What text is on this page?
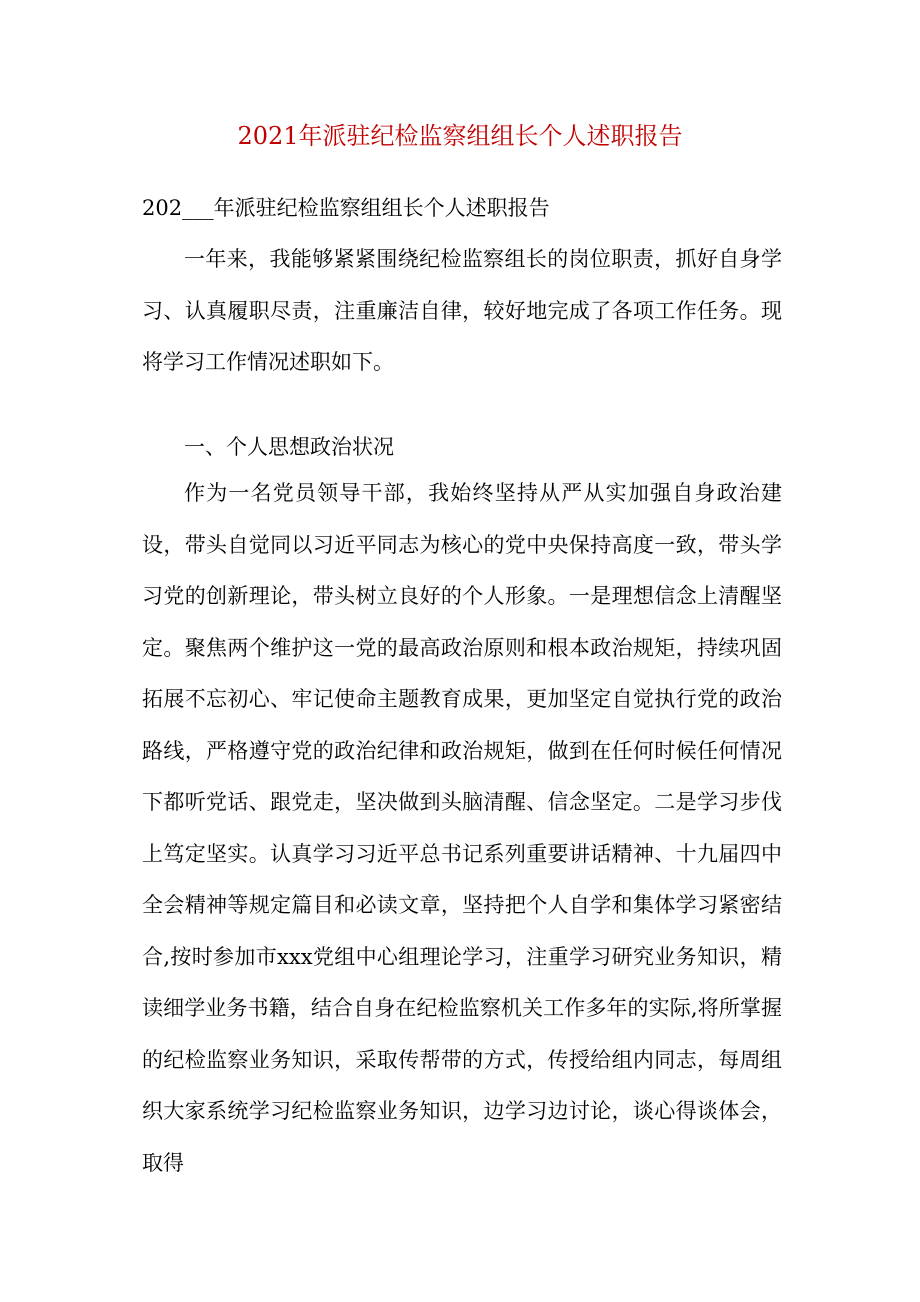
2021年派驻纪检监察组组长个人述职报告

202___年派驻纪检监察组组长个人述职报告

一年来，我能够紧紧围绕纪检监察组长的岗位职责，抓好自身学习、认真履职尽责，注重廉洁自律，较好地完成了各项工作任务。现将学习工作情况述职如下。

一、个人思想政治状况

作为一名党员领导干部，我始终坚持从严从实加强自身政治建设，带头自觉同以习近平同志为核心的党中央保持高度一致，带头学习党的创新理论，带头树立良好的个人形象。一是理想信念上清醒坚定。聚焦两个维护这一党的最高政治原则和根本政治规矩，持续巩固拓展不忘初心、牢记使命主题教育成果，更加坚定自觉执行党的政治路线，严格遵守党的政治纪律和政治规矩，做到在任何时候任何情况下都听党话、跟党走，坚决做到头脑清醒、信念坚定。二是学习步伐上笃定坚实。认真学习习近平总书记系列重要讲话精神、十九届四中全会精神等规定篇目和必读文章，坚持把个人自学和集体学习紧密结合,按时参加市xxx党组中心组理论学习，注重学习研究业务知识，精读细学业务书籍，结合自身在纪检监察机关工作多年的实际,将所掌握的纪检监察业务知识，采取传帮带的方式，传授给组内同志，每周组织大家系统学习纪检监察业务知识，边学习边讨论，谈心得谈体会，取得
